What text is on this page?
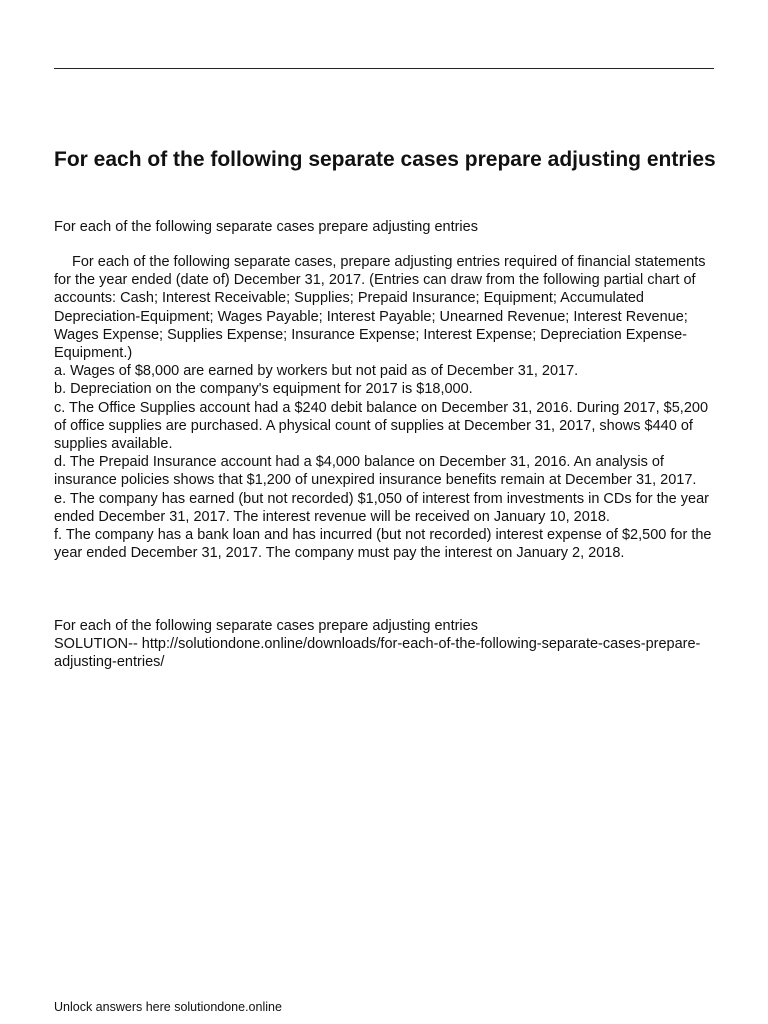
For each of the following separate cases prepare adjusting entries

For each of the following separate cases prepare adjusting entries

For each of the following separate cases, prepare adjusting entries required of financial statements for the year ended (date of) December 31, 2017. (Entries can draw from the following partial chart of accounts: Cash; Interest Receivable; Supplies; Prepaid Insurance; Equipment; Accumulated Depreciation-Equipment; Wages Payable; Interest Payable; Unearned Revenue; Interest Revenue; Wages Expense; Supplies Expense; Insurance Expense; Interest Expense; Depreciation Expense- Equipment.)
a. Wages of $8,000 are earned by workers but not paid as of December 31, 2017.
b. Depreciation on the company's equipment for 2017 is $18,000.
c. The Office Supplies account had a $240 debit balance on December 31, 2016. During 2017, $5,200 of office supplies are purchased. A physical count of supplies at December 31, 2017, shows $440 of supplies available.
d. The Prepaid Insurance account had a $4,000 balance on December 31, 2016. An analysis of insurance policies shows that $1,200 of unexpired insurance benefits remain at December 31, 2017.
e. The company has earned (but not recorded) $1,050 of interest from investments in CDs for the year ended December 31, 2017. The interest revenue will be received on January 10, 2018.
f. The company has a bank loan and has incurred (but not recorded) interest expense of $2,500 for the year ended December 31, 2017. The company must pay the interest on January 2, 2018.
For each of the following separate cases prepare adjusting entries
SOLUTION-- http://solutiondone.online/downloads/for-each-of-the-following-separate-cases-prepare-adjusting-entries/

Unlock answers here solutiondone.online
